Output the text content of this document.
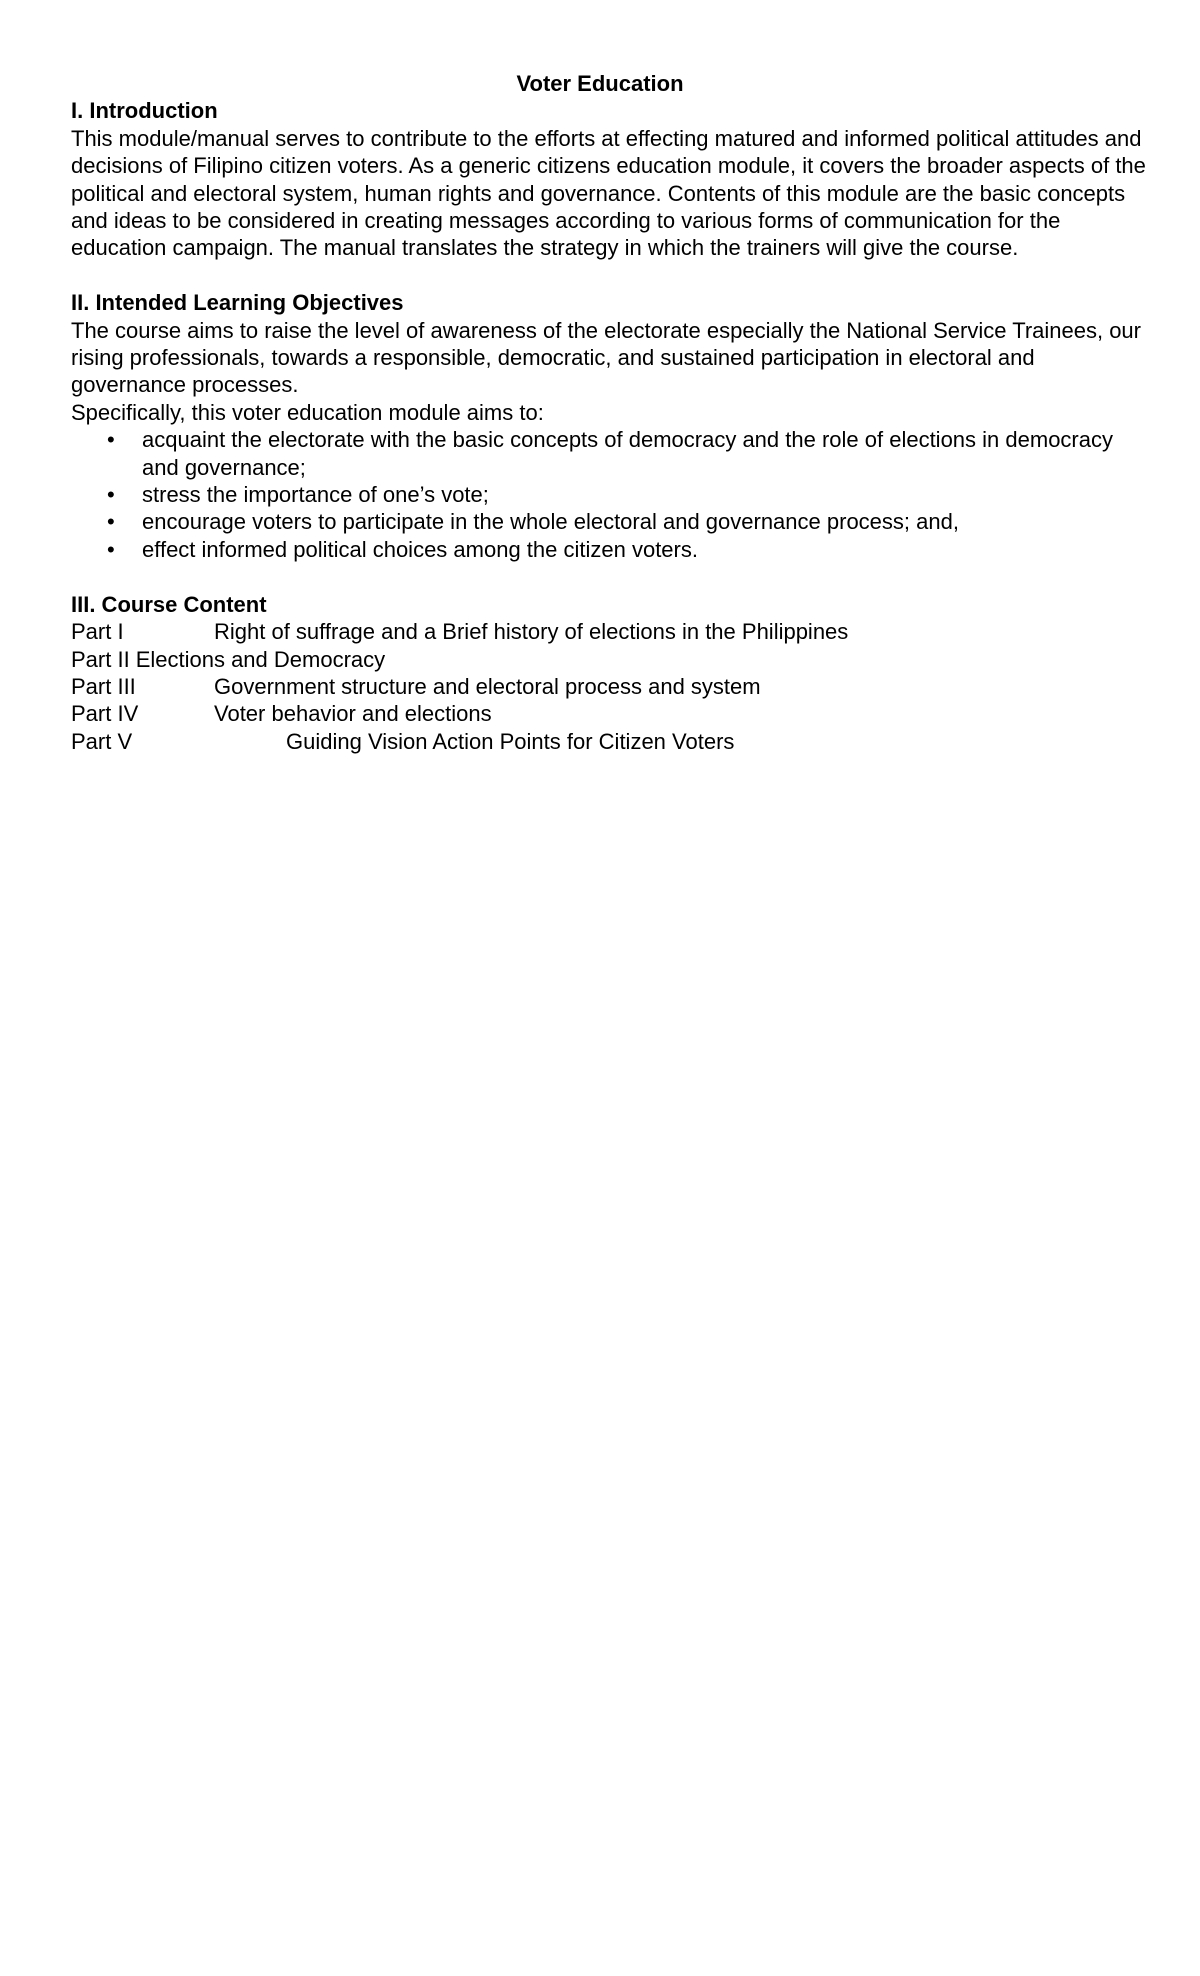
Voter Education

I. Introduction

This module/manual serves to contribute to the efforts at effecting matured and informed political attitudes and decisions of Filipino citizen voters. As a generic citizens education module, it covers the broader aspects of the political and electoral system, human rights and governance. Contents of this module are the basic concepts and ideas to be considered in creating messages according to various forms of communication for the education campaign. The manual translates the strategy in which the trainers will give the course.

II. Intended Learning Objectives

The course aims to raise the level of awareness of the electorate especially the National Service Trainees, our rising professionals, towards a responsible, democratic, and sustained participation in electoral and governance processes.

Specifically, this voter education module aims to:

• acquaint the electorate with the basic concepts of democracy and the role of elections in democracy and governance;
• stress the importance of one’s vote;
• encourage voters to participate in the whole electoral and governance process; and,
• effect informed political choices among the citizen voters.

III. Course Content

Part I	Right of suffrage and a Brief history of elections in the Philippines
Part II Elections and Democracy
Part III	Government structure and electoral process and system
Part IV	Voter behavior and elections
Part V	Guiding Vision Action Points for Citizen Voters
